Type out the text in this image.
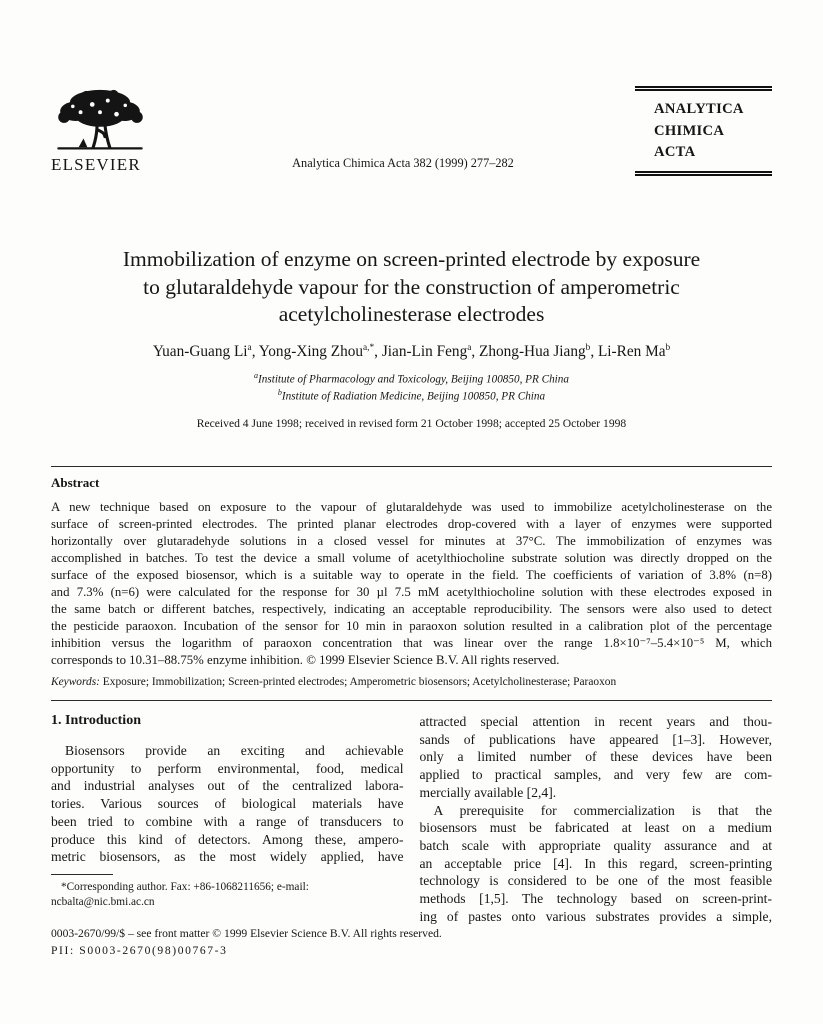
ELSEVIER	Analytica Chimica Acta 382 (1999) 277–282
ANALYTICA
CHIMICA
ACTA
Immobilization of enzyme on screen-printed electrode by exposure
to glutaraldehyde vapour for the construction of amperometric
acetylcholinesterase electrodes
Yuan-Guang Li$^a$, Yong-Xing Zhou$^{a,*}$, Jian-Lin Feng$^a$, Zhong-Hua Jiang$^b$, Li-Ren Ma$^b$
$^a$Institute of Pharmacology and Toxicology, Beijing 100850, PR China
$^b$Institute of Radiation Medicine, Beijing 100850, PR China
Received 4 June 1998; received in revised form 21 October 1998; accepted 25 October 1998
Abstract
A new technique based on exposure to the vapour of glutaraldehyde was used to immobilize acetylcholinesterase on the
surface of screen-printed electrodes. The printed planar electrodes drop-covered with a layer of enzymes were supported
horizontally over glutaradehyde solutions in a closed vessel for minutes at 37°C. The immobilization of enzymes was
accomplished in batches. To test the device a small volume of acetylthiocholine substrate solution was directly dropped on the
surface of the exposed biosensor, which is a suitable way to operate in the field. The coefficients of variation of 3.8% (n=8)
and 7.3% (n=6) were calculated for the response for 30 µl 7.5 mM acetylthiocholine solution with these electrodes exposed in
the same batch or different batches, respectively, indicating an acceptable reproducibility. The sensors were also used to detect
the pesticide paraoxon. Incubation of the sensor for 10 min in paraoxon solution resulted in a calibration plot of the percentage
inhibition versus the logarithm of paraoxon concentration that was linear over the range 1.8×10⁻⁷–5.4×10⁻⁵ M, which
corresponds to 10.31–88.75% enzyme inhibition. © 1999 Elsevier Science B.V. All rights reserved.
Keywords: Exposure; Immobilization; Screen-printed electrodes; Amperometric biosensors; Acetylcholinesterase; Paraoxon
1. Introduction
Biosensors provide an exciting and achievable
opportunity to perform environmental, food, medical
and industrial analyses out of the centralized labora-
tories. Various sources of biological materials have
been tried to combine with a range of transducers to
produce this kind of detectors. Among these, ampero-
metric biosensors, as the most widely applied, have
*Corresponding author. Fax: +86-1068211656; e-mail:
ncbalta@nic.bmi.ac.cn
attracted special attention in recent years and thou-
sands of publications have appeared [1–3]. However,
only a limited number of these devices have been
applied to practical samples, and very few are com-
mercially available [2,4].
A prerequisite for commercialization is that the
biosensors must be fabricated at least on a medium
batch scale with appropriate quality assurance and at
an acceptable price [4]. In this regard, screen-printing
technology is considered to be one of the most feasible
methods [1,5]. The technology based on screen-print-
ing of pastes onto various substrates provides a simple,
0003-2670/99/$ – see front matter © 1999 Elsevier Science B.V. All rights reserved.
PII: S0003-2670(98)00767-3
